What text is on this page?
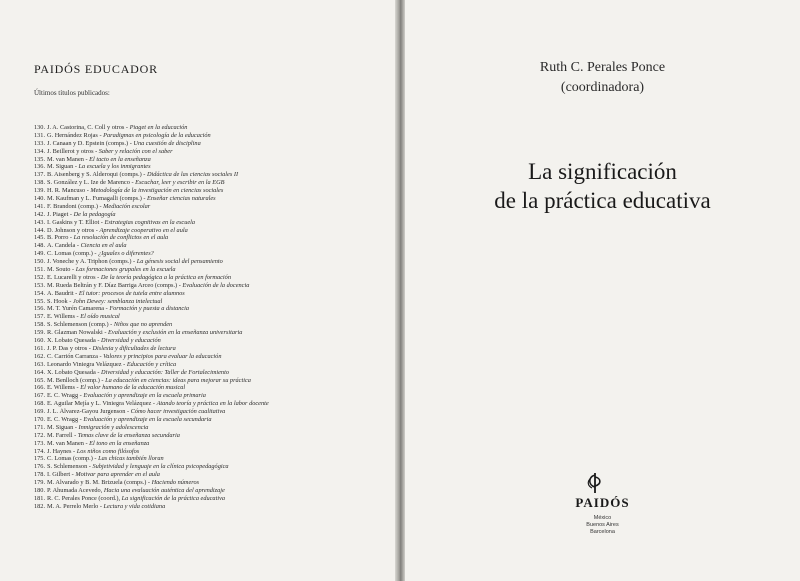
PAIDÓS EDUCADOR
Últimos títulos publicados:
130. J. A. Castorina, C. Coll y otros - Piaget en la educación
131. G. Hernández Rojas - Paradigmas en psicología de la educación
133. J. Canaan y D. Epstein (comps.) - Una cuestión de disciplina
134. J. Beillerot y otros - Saber y relación con el saber
135. M. van Manen - El tacto en la enseñanza
136. M. Siguan - La escuela y los inmigrantes
137. B. Aisenberg y S. Alderoqui (comps.) - Didáctica de las ciencias sociales II
138. S. González y L. Ize de Marenco - Escuchar, leer y escribir en la EGB
139. H. R. Mancuso - Metodología de la investigación en ciencias sociales
140. M. Kaufman y L. Fumagalli (comps.) - Enseñar ciencias naturales
141. F. Brandoni (comp.) - Mediación escolar
142. J. Piaget - De la pedagogía
143. I. Gaskins y T. Elliot - Estrategias cognitivas en la escuela
144. D. Johnson y otros - Aprendizaje cooperativo en el aula
145. B. Porro - La resolución de conflictos en el aula
148. A. Candela - Ciencia en el aula
149. C. Lomas (comp.) - ¿Iguales o diferentes?
150. J. Voneche y A. Triphon (comps.) - La génesis social del pensamiento
151. M. Souto - Las formaciones grupales en la escuela
152. E. Lucarelli y otros - De la teoría pedagógica a la práctica en formación
153. M. Rueda Beltrán y F. Díaz Barriga Arceo (comps.) - Evaluación de la docencia
154. A. Baudrit - El tutor: procesos de tutela entre alumnos
155. S. Hook - John Dewey: semblanza intelectual
156. M. T. Yurén Camarena - Formación y puesta a distancia
157. E. Willems - El oído musical
158. S. Schlemenson (comp.) - Niños que no aprenden
159. R. Glazman Nowalski - Evaluación y exclusión en la enseñanza universitaria
160. X. Lobato Quesada - Diversidad y educación
161. J. P. Das y otros - Dislexia y dificultades de lectura
162. C. Carrión Carranza - Valores y principios para evaluar la educación
163. Leonardo Viniegra Velázquez - Educación y crítica
164. X. Lobato Quesada - Diversidad y educación: Taller de Fortalecimiento
165. M. Benlloch (comp.) - La educación en ciencias: ideas para mejorar su práctica
166. E. Willems - El valor humano de la educación musical
167. E. C. Wragg - Evaluación y aprendizaje en la escuela primaria
168. E. Aguilar Mejía y L. Viniegra Velázquez - Atando teoría y práctica en la labor docente
169. J. L. Álvarez-Gayou Jurgenson - Cómo hacer investigación cualitativa
170. E. C. Wragg - Evaluación y aprendizaje en la escuela secundaria
171. M. Siguan - Inmigración y adolescencia
172. M. Farrell - Temas clave de la enseñanza secundaria
173. M. van Manen - El tono en la enseñanza
174. J. Haynes - Los niños como filósofos
175. C. Lomas (comp.) - Las chicas también lloran
176. S. Schlemenson - Subjetividad y lenguaje en la clínica psicopedagógica
178. I. Gilbert - Motivar para aprender en el aula
179. M. Alvarado y B. M. Brizuela (comps.) - Haciendo números
180. P. Ahumada Acevedo, Hacia una evaluación auténtica del aprendizaje
181. R. C. Perales Ponce (coord.), La significación de la práctica educativa
182. M. A. Perrelo Merlo - Lectura y vida cotidiana
Ruth C. Perales Ponce
(coordinadora)
La significación
de la práctica educativa
PAIDÓS
México
Buenos Aires
Barcelona
